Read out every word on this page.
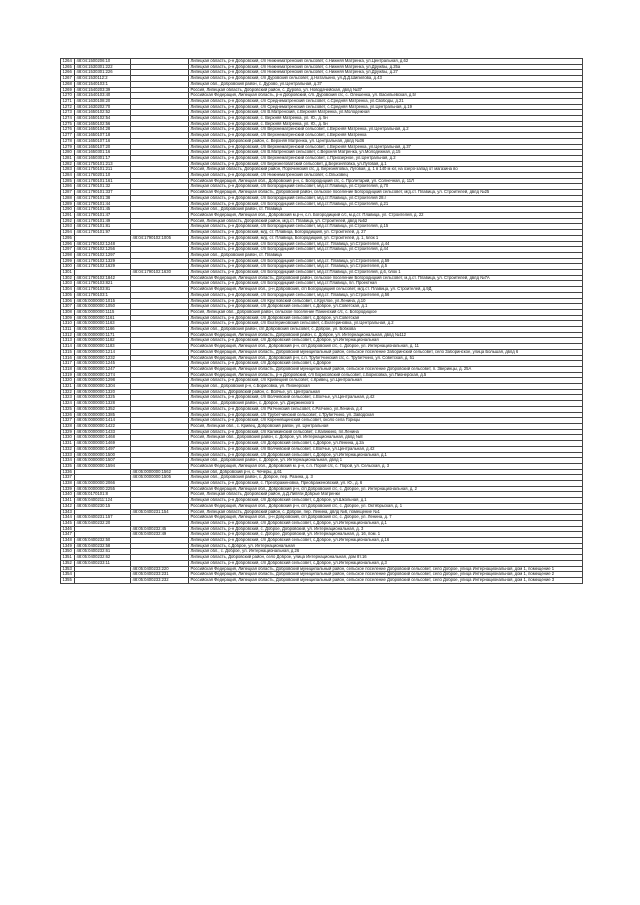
1264	48:04:1500206:10		Липецкая область, р-н Добровский, с/п Нижнематренский сельсовет, с.Нижняя Матренка, ул.Центральная, д.62
1265	48:04:1530301:222		Липецкая область, р-н Добровский, с/п Нижнематренский сельсовет, с.Нижняя Матренка, ул.Дружбы, д.25а
1266	48:04:1530301:226		Липецкая область, р-н Добровский, с/п Нижнематренский сельсовет, с.Нижняя Матренка, ул.Дружбы, д.27
1267	48:04:1530112:2		Липецкая область, р-н Добровский, с/п Дуровский сельсовет, д.Натальино, ул.Д.Д.Шипилова, д.43
1268	48:04:1540103:1		Липецкая обл., Добровский район, с. Дурово, ул.Центральная, д.37
1269	48:04:1540203:39		Россия, Липецкая область, Добровский район, с. Дурово, ул. Новодачейская, двлд №37
1270	48:04:1540103:40		Российская Федерация, Липецкая область, р-н Добровский, с/п. Дуровский с/с, с. Олешенка, ул. Васильевская, д.5/
1271	48:04:1630108:20		Липецкая область, р-н Добровский, с/п Среднематренский сельсовет, с.Средняя Матренка, ул.Свободы, д.21
1272	48:04:1630202:70		Липецкая область, р-н Добровский, с/п Среднематренский сельсовет, с.Средняя Матренка, ул.Центральная, д.19
1273	48:04:1650102:52		Липецкая область, р-н Добровский, с/п В.Матренский, с.Верхняя Матренка, ул.Молодежная
1274	48:04:1650102:54		Липецкая область, р-н Добровский, с. Верхняя Матренка, ул. Ю., д. 5н
1275	48:04:1650102:56		Липецкая область, р-н Добровский, с. Верхняя Матренка, ул. Ю., д. 5н
1276	48:04:1650104:28		Липецкая область, р-н Добровский, с/п Верхнематренский сельсовет, с.Верхняя Матренка, ул.Центральная, д.2
1277	48:04:1650107:18		Липецкая область, р-н Добровский, с/п Верхнематренский сельсовет, с.Верхняя Матренка
1278	48:04:1650107:16		Липецкая область, Добровский район, с. Верхняя Матренка, ул. Центральная, двлд №36
1279	48:04:1650107:20		Липецкая область, р-н Добровский, с/п Верхнематренский сельсовет, с.Верхняя Матренка, ул.Центральная, д.37
1280	48:04:1650301:16		Липецкая область, р-н Добровский, с/п В.Матренский сельсовет, с.Верхняя Матренка, ул.Молодежная, д.15
1281	48:04:1650301:17		Липецкая область, р-н Добровский, с/п Верхнематренский сельсовет, с.Приозерное, ул.Центральная, д.2
1282	48:04:1750101:213		Липецкая область, р-н Добровский, с/п Березнеговатский сельсовет, д.Березняговка, ул.Луговая, д.1
1283	48:04:1750101:211		Россия, Липецкая область, Добровский район, Порочинский с/с, д. Березняговка, Луговая, д. 1 в 140 м юг, на озеро-запад от магазина во
1284	48:04:1760201:10		Липецкая область, р-н Добровский, с/п Нижнематренский сельсовет, с.Ольховец
1285	48:04:1780101:161		Российская Федерация, Липецкая обл., Добровский р-н, с. Богородицкий с/с, с. Пролетарий, ул. Солнечная, д. 11Л
1286	48:04:1790101:32		Липецкая область, р-н Добровский, с/п Богородицкий сельсовет, м/д.ст.Плавица, ул.Строителей, д.70
1287	48:04:1790101:337		Российская Федерация, Липецкая область, Добровский район, сельское поселение Богородицкий сельсовет, м/д.ст. Плавица, ул. Строителей, двлд №25
1288	48:04:1790101:38		Липецкая область, р-н Добровский, с/п Богородицкий сельсовет, м/д.ст.Плавица, ул.Строителей 28.г
1289	48:04:1790101:44		Липецкая область, р-н Добровский, с/п Богородицкий сельсовет, м/д.ст.Плавица, ул.Строителей, д.21
1290	48:04:1790101:45		Липецкая обл., Добровский район, ст. Плавица
1291	48:04:1790101:47		Российская Федерация, Липецкая обл., Добровский м.р-н, с.п. Богородицкий с/с, м.д.ст. Плавица, ул. Строителей, д. 22
1292	48:04:1790101:49		Россия, Липецкая область, Добровский район, м/д.ст. Плавица, ул. Строителей, двлд №52
1293	48:04:1790101:81		Липецкая область, р-н Добровский, с/п Богородицкий сельсовет, м/д.ст.Плавица, ул.Строителей, д.15
1294	48:04:1790101:97		Липецкая область, р-н Добровский, м/д. ст. Плавица, Богородицкий, ул. Строителей, д. 27
1295		48:04:1790102:1005	Липецкая область, р-н Добровский, м/д. ст. Плавица, Богородицкий, ул. Строителей, д. 1, блок 1
1296	48:04:1790102:1248		Липецкая область, р-н Добровский, с/п Богородицкий сельсовет, м/д.ст. Плавица, ул.Строителей, д.44
1297	48:04:1790102:1256		Липецкая область, р-н Добровский, с/п Богородицкий сельсовет, м/д.ст.Плавица, ул.Строителей, д.44
1298	48:04:1790102:1297		Липецкая обл., Добровский район, ст. Плавица
1299	48:04:1790102:1329		Липецкая область, р-н Добровский, с/п Богородицкий сельсовет, м/д.ст. Плавица, ул.Строителей, д.59
1300	48:04:1790102:1629		Липецкая область, р-н Добровский, с/п Богородицкий сельсовет, м/д.ст. Плавица, ул.Строителей, д.5
1301		48:04:1790102:1630	Липецкая область, р-н Добровский, с/п Богородицкий сельсовет, м/д.ст.Плавица, ул.Строителей, д.6, блок 1
1302	48:04:1790102:1842		Российская Федерация, Липецкая область, Добровский район, сельское поселение Богородицкий сельсовет, м.д.ст. Плавица, ул. Строителей, двлд №7А
1303	48:04:1790103:821		Липецкая область, р-н Добровский, с/п Богородицкий сельсовет, м/д.ст.Плавица, пл. Проектная
1304	48:04:1790103:81		Российская Федерация, Липецкая обл., р-н Добровский, с/п Богородицкий сельсовет, м/д.ст. Плавица, ул. Строителей, д.9Д
1305	48:04:1790103:1		Липецкая область, р-н Добровский, с/п Богородицкий сельсовет, м/д.ст. Плавица, ул.Строителей, д.56
1306	48:05:0000000:1015		Липецкая область, р-н Добровский, с/п Кругловский сельсовет, с.Круглое, ул.Ленина, д.10
1307	48:05:0000000:1050		Липецкая область, р-н Добровский, с/п Добровский сельсовет, с.Доброе, ул.Советская, д.1
1308	48:05:0000000:1115		Россия, Липецкая обл., Добровский район, сельское поселение Панинский с/с, с. Богородицкое
1309	48:05:0000000:1161		Липецкая область, р-н Добровский, с/п Добровский сельсовет, с.Доброе, ул.Советская
1310	48:05:0000000:1163		Липецкая область, р-н Добровский, с/п Екатериновский сельсовет, с.Екатериновка, ул.Центральная, д.2
1311	48:05:0000000:1166		Липецкая обл., Добровский район, с/п Добровский сельсовет, с. Доброе, ул. Бобкова
1312	48:05:0000000:1171		Российская Федерация, Липецкая область, Добровский район, с. Доброе, ул. Интернациональная, двлд №112
1313	48:05:0000000:1182		Липецкая область, р-н Добровский, с/п Добровский сельсовет, с.Доброе, ул.Интернациональная
1314	48:05:0000000:1183		Российская Федерация, Липецкая обл., Добровский р-н, с/п Добровский с/с, с. Доброе, ул. Интернациональная, д. 11
1315	48:05:0000000:1214		Российская Федерация, Липецкая область, Добровский муниципальный район, сельское поселение Заборинский сельсовет, село Заборинское, улица Большая, двлд 6
1316	48:05:0000000:1232		Российская Федерация, Липецкая обл., Добровский р-н, с.п. Трубетчинский с/с, с. Трубетчино, ул. Советская, д. 51
1317	48:05:0000000:1245		Липецкая область, р-н Добровский, с/п Добровский сельсовет, с.Доброе
1318	48:05:0000000:1247		Российская Федерация, Липецкая область, Добровский муниципальный район, сельское поселение Добровский сельсовет, п. Зверинцы, д. 25А
1319	48:05:0000000:1274		Российская Федерация, Липецкая область, р-н Добровский, с/п Борисовский сельсовет, с.Борисовка, ул.Пионерская, д.5
1320	48:05:0000000:1298		Липецкая область, р-н Добровский, с/п Кривецкий сельсовет, с.Кривец, ул.Центральная
1321	48:05:0000000:1304		Липецкая обл., Добровский р-н, с.Борисовка, ул. Пионерская
1322	48:05:0000000:1320		Липецкая область, Добровский район, с. Волчье, ул. Центральная
1323	48:05:0000000:1325		Липецкая область, р-н Добровский, с/п Волчевский сельсовет, с.Волчье, ул.Центральная, д.42
1324	48:05:0000000:1328		Липецкая обл., Добровский район, с. Доброе, ул. Дзержинского
1325	48:05:0000000:1352		Липецкая область, р-н Добровский, с/п Ратчинский сельсовет, с.Ратчино, ул.Ленина, д.4
1326	48:05:0000000:1385		Липецкая область, р-н Добровский, с/п Трубетчинский сельсовет, с.Трубетчино, ул. Заводская
1327	48:05:0000000:1414		Липецкая область, р-н Добровский, с/п Кореневщинский сельсовет, около села Горицы
1328	48:05:0000000:1422		Россия, Липецкая обл., с. Кривец, Добровский район, ул. Центральная
1329	48:05:0000000:1433		Липецкая область, р-н Добровский, с/п Каликинский сельсовет, с.Каликино, пл.Ленина
1330	48:05:0000000:1468		Россия, Липецкая обл., Добровский район, с. Доброе, ул. Интернациональная, двлд №8
1331	48:05:0000000:1469		Липецкая область, р-н Добровский, с/п Добровский сельсовет, с.Доброе, ул.Ленина, д.2а
1332	48:05:0000000:1497		Липецкая область, р-н Добровский, с/п Волчевский сельсовет, с.Волчье, ул.Центральная, д.42
1333	48:05:0000000:1500		Липецкая область, р-н Добровский, с/п Добровский сельсовет, с.Доброе, ул.Интернациональная, д.1
1334	48:05:0000000:1507		Липецкая обл., Добровский район, с. Доброе, ул. Интернациональная, двлд 1
1335	48:05:0000000:1594		Российская Федерация, Липецкая обл., Добровский м. р-н, с.п. Порой с/с, с. Порой, ул. Сельская, д. 3
1336		48:05:0000000:1562	Липецкая обл, Добровский р-н, с. Чечеры, д.61
1337		48:05:0000000:1505	Липецкая обл., Добровский район, с. Доброе, пер. Разина, д. 3
1338	48:05:0000000:2066		Липецкая область, р-н Добровский, с. Преображеновка, Преображеновский, ул. Ю., д. 6
1339	48:05:0000000:2255		Российская Федерация, Липецкая обл., Добровский р-н, с/п Добровский с/с, с. Доброе, ул. Интернациональная, д. 2
1340	48:05:0170101:8		Россия, Липецкая область, Добровский район, д.Д.Липяги Добрые Матренки
1341	48:05:0400211:124		Липецкая область, р-н Добровский, с/п Добровский сельсовет, с.Доброе, ул.Школьная, д.1
1342	48:05:0400230:15		Российская Федерация, Липецкая обл., Добровский р-н, с/п Добровский с/с, с. Доброе, ул. Октябрьская, д. 1
1343		48:05:0400231:154	Россия, Липецкая область, Добровский район, с. Доброе, пер. Ленина, двлд №6, помещение №1
1344	48:05:0400231:157		Российская Федерация, Липецкая обл., р-н Добровский, с/п Добровский с/с, с. Доброе, ул. Ленина, д. 7
1345	48:05:0400232:20		Липецкая область, р-н Добровский, с/п Добровский сельсовет, с.Доброе, ул.Интернациональная, д.1
1346		48:05:0400232:45	Липецкая область, р-н Добровский, с. Доброе, Добровский, ул. Интернациональная, д. 3
1347		48:05:0400232:49	Липецкая область, р-н Добровский, с. Доброе, Добровский, ул. Интернациональная, д. 16, пом. 1
1348	48:05:0400232:50		Липецкая область, р-н Добровский, с/п Добровский сельсовет, с.Доброе, ул.Интернациональная, д.16
1349	48:05:0400232:58		Липецкая область, с.Доброе, ул. Интернациональная
1350	48:05:0400232:61		Липецкая обл., с. Доброе, ул. Интернациональная, д.26
1351	48:05:0400232:62		Липецкая область, Добровский район, село Доброе, улица Интернациональная, дом 8т.16
1352	48:05:0400233:11		Липецкая область, р-н Добровский, с/п Добровский сельсовет, с.Доброе, ул.Интернациональная, д.3
1353		48:05:0400233:220	Российская Федерация, Липецкая область, Добровский муниципальный район, сельское поселение Добровский сельсовет, село Доброе, улица Интернациональная, дом 1, помещение 1
1354		48:05:0400233:231	Российская Федерация, Липецкая область, Добровский муниципальный район, сельское поселение Добровский сельсовет, село Доброе, улица Интернациональная, дом 1, помещение 2
1355		48:05:0400233:232	Российская Федерация, Липецкая область, Добровский муниципальный район, сельское поселение Добровский сельсовет, село Доброе, улица Интернациональная, дом 1, помещение 3
